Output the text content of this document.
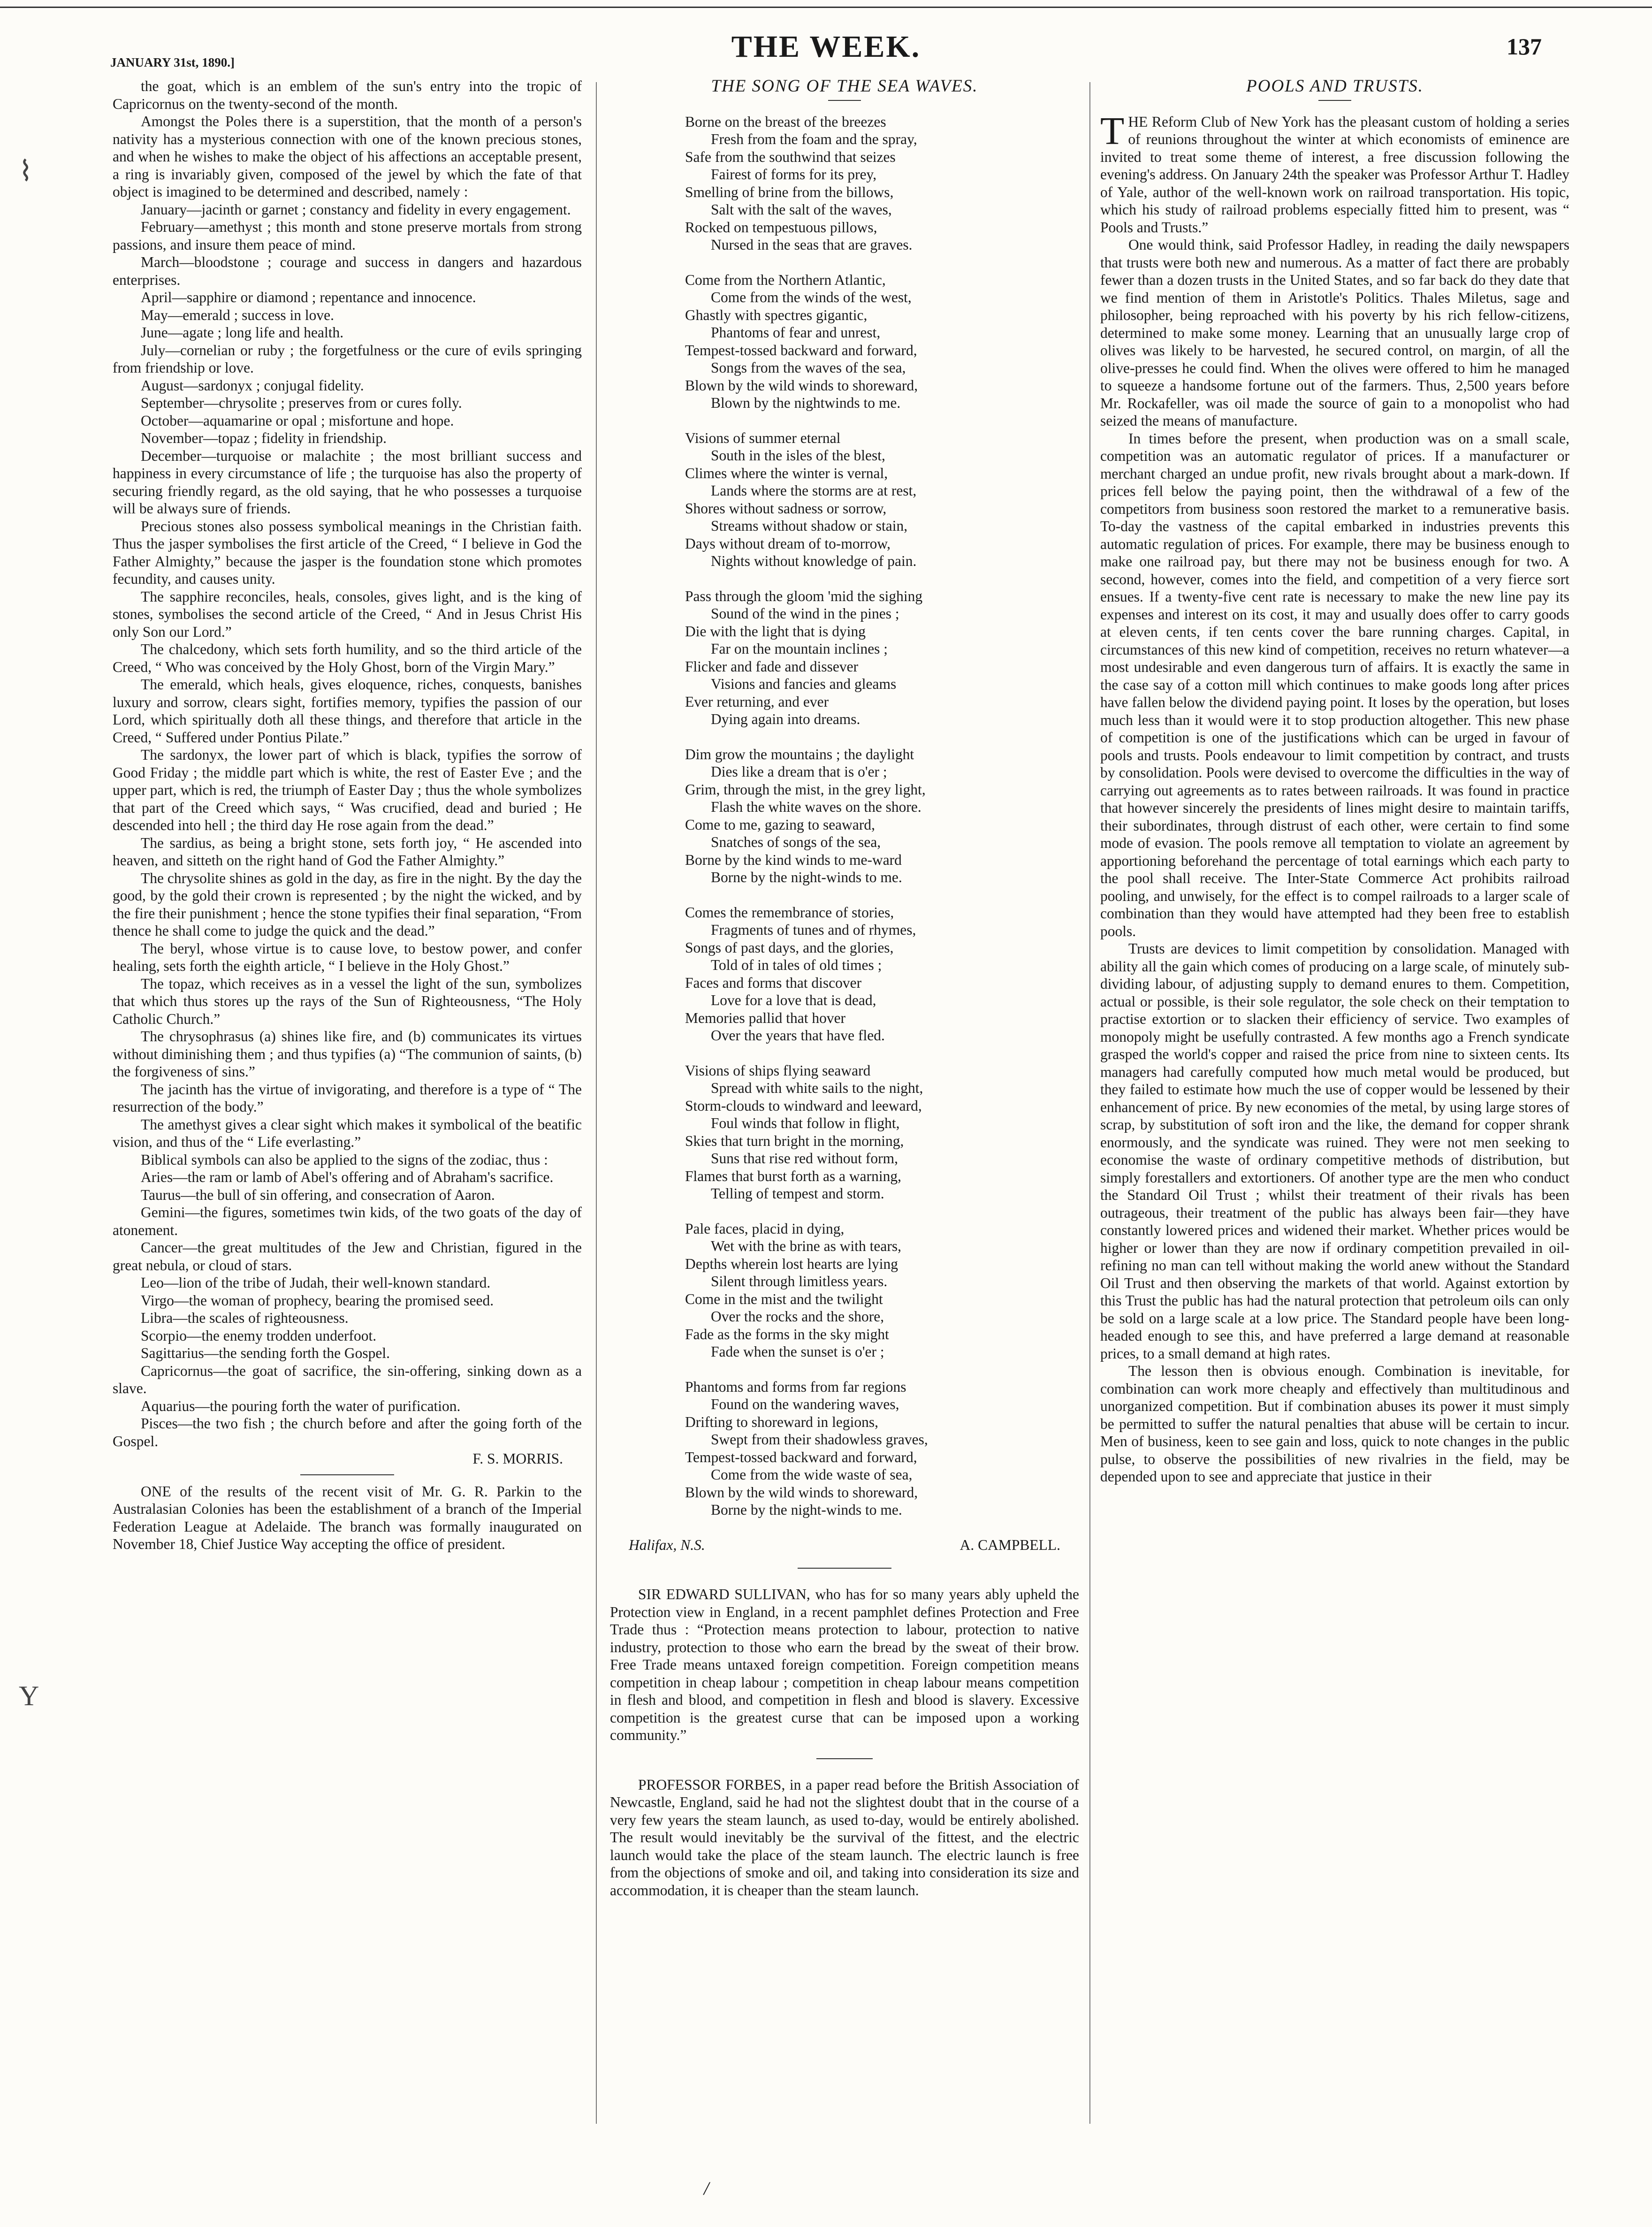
JANUARY 31st, 1890.]	THE WEEK.	137
⌇
Y

the goat, which is an emblem of the sun's entry into the tropic of Capricornus on the twenty-second of the month.

Amongst the Poles there is a superstition, that the month of a person's nativity has a mysterious connection with one of the known precious stones, and when he wishes to make the object of his affections an acceptable present, a ring is invariably given, composed of the jewel by which the fate of that object is imagined to be determined and described, namely :

January—jacinth or garnet ; constancy and fidelity in every engagement.

February—amethyst ; this month and stone preserve mortals from strong passions, and insure them peace of mind.

March—bloodstone ; courage and success in dangers and hazardous enterprises.

April—sapphire or diamond ; repentance and innocence.

May—emerald ; success in love.

June—agate ; long life and health.

July—cornelian or ruby ; the forgetfulness or the cure of evils springing from friendship or love.

August—sardonyx ; conjugal fidelity.

September—chrysolite ; preserves from or cures folly.

October—aquamarine or opal ; misfortune and hope.

November—topaz ; fidelity in friendship.

December—turquoise or malachite ; the most brilliant success and happiness in every circumstance of life ; the turquoise has also the property of securing friendly regard, as the old saying, that he who possesses a turquoise will be always sure of friends.

Precious stones also possess symbolical meanings in the Christian faith. Thus the jasper symbolises the first article of the Creed, “ I believe in God the Father Almighty,” because the jasper is the foundation stone which promotes fecundity, and causes unity.

The sapphire reconciles, heals, consoles, gives light, and is the king of stones, symbolises the second article of the Creed, “ And in Jesus Christ His only Son our Lord.”

The chalcedony, which sets forth humility, and so the third article of the Creed, “ Who was conceived by the Holy Ghost, born of the Virgin Mary.”

The emerald, which heals, gives eloquence, riches, conquests, banishes luxury and sorrow, clears sight, fortifies memory, typifies the passion of our Lord, which spiritually doth all these things, and therefore that article in the Creed, “ Suffered under Pontius Pilate.”

The sardonyx, the lower part of which is black, typifies the sorrow of Good Friday ; the middle part which is white, the rest of Easter Eve ; and the upper part, which is red, the triumph of Easter Day ; thus the whole symbolizes that part of the Creed which says, “ Was crucified, dead and buried ; He descended into hell ; the third day He rose again from the dead.”

The sardius, as being a bright stone, sets forth joy, “ He ascended into heaven, and sitteth on the right hand of God the Father Almighty.”

The chrysolite shines as gold in the day, as fire in the night. By the day the good, by the gold their crown is represented ; by the night the wicked, and by the fire their punishment ; hence the stone typifies their final separation, “From thence he shall come to judge the quick and the dead.”

The beryl, whose virtue is to cause love, to bestow power, and confer healing, sets forth the eighth article, “ I believe in the Holy Ghost.”

The topaz, which receives as in a vessel the light of the sun, symbolizes that which thus stores up the rays of the Sun of Righteousness, “The Holy Catholic Church.”

The chrysophrasus (a) shines like fire, and (b) communicates its virtues without diminishing them ; and thus typifies (a) “The communion of saints, (b) the forgiveness of sins.”

The jacinth has the virtue of invigorating, and therefore is a type of “ The resurrection of the body.”

The amethyst gives a clear sight which makes it symbolical of the beatific vision, and thus of the “ Life everlasting.”

Biblical symbols can also be applied to the signs of the zodiac, thus :

Aries—the ram or lamb of Abel's offering and of Abraham's sacrifice.

Taurus—the bull of sin offering, and consecration of Aaron.

Gemini—the figures, sometimes twin kids, of the two goats of the day of atonement.

Cancer—the great multitudes of the Jew and Christian, figured in the great nebula, or cloud of stars.

Leo—lion of the tribe of Judah, their well-known standard.

Virgo—the woman of prophecy, bearing the promised seed.

Libra—the scales of righteousness.

Scorpio—the enemy trodden underfoot.

Sagittarius—the sending forth the Gospel.

Capricornus—the goat of sacrifice, the sin-offering, sinking down as a slave.

Aquarius—the pouring forth the water of purification.

Pisces—the two fish ; the church before and after the going forth of the Gospel.

F. S. MORRIS.

ONE of the results of the recent visit of Mr. G. R. Parkin to the Australasian Colonies has been the establishment of a branch of the Imperial Federation League at Adelaide. The branch was formally inaugurated on November 18, Chief Justice Way accepting the office of president.

THE SONG OF THE SEA WAVES.
Borne on the breast of the breezes
Fresh from the foam and the spray,
Safe from the southwind that seizes
Fairest of forms for its prey,
Smelling of brine from the billows,
Salt with the salt of the waves,
Rocked on tempestuous pillows,
Nursed in the seas that are graves.
Come from the Northern Atlantic,
Come from the winds of the west,
Ghastly with spectres gigantic,
Phantoms of fear and unrest,
Tempest-tossed backward and forward,
Songs from the waves of the sea,
Blown by the wild winds to shoreward,
Blown by the nightwinds to me.
Visions of summer eternal
South in the isles of the blest,
Climes where the winter is vernal,
Lands where the storms are at rest,
Shores without sadness or sorrow,
Streams without shadow or stain,
Days without dream of to-morrow,
Nights without knowledge of pain.
Pass through the gloom 'mid the sighing
Sound of the wind in the pines ;
Die with the light that is dying
Far on the mountain inclines ;
Flicker and fade and dissever
Visions and fancies and gleams
Ever returning, and ever
Dying again into dreams.
Dim grow the mountains ; the daylight
Dies like a dream that is o'er ;
Grim, through the mist, in the grey light,
Flash the white waves on the shore.
Come to me, gazing to seaward,
Snatches of songs of the sea,
Borne by the kind winds to me-ward
Borne by the night-winds to me.
Comes the remembrance of stories,
Fragments of tunes and of rhymes,
Songs of past days, and the glories,
Told of in tales of old times ;
Faces and forms that discover
Love for a love that is dead,
Memories pallid that hover
Over the years that have fled.
Visions of ships flying seaward
Spread with white sails to the night,
Storm-clouds to windward and leeward,
Foul winds that follow in flight,
Skies that turn bright in the morning,
Suns that rise red without form,
Flames that burst forth as a warning,
Telling of tempest and storm.
Pale faces, placid in dying,
Wet with the brine as with tears,
Depths wherein lost hearts are lying
Silent through limitless years.
Come in the mist and the twilight
Over the rocks and the shore,
Fade as the forms in the sky might
Fade when the sunset is o'er ;
Phantoms and forms from far regions
Found on the wandering waves,
Drifting to shoreward in legions,
Swept from their shadowless graves,
Tempest-tossed backward and forward,
Come from the wide waste of sea,
Blown by the wild winds to shoreward,
Borne by the night-winds to me.
Halifax, N.S.	A. CAMPBELL.

SIR EDWARD SULLIVAN, who has for so many years ably upheld the Protection view in England, in a recent pamphlet defines Protection and Free Trade thus : “Protection means protection to labour, protection to native industry, protection to those who earn the bread by the sweat of their brow. Free Trade means untaxed foreign competition. Foreign competition means competition in cheap labour ; competition in cheap labour means competition in flesh and blood, and competition in flesh and blood is slavery. Excessive competition is the greatest curse that can be imposed upon a working community.”

PROFESSOR FORBES, in a paper read before the British Association of Newcastle, England, said he had not the slightest doubt that in the course of a very few years the steam launch, as used to-day, would be entirely abolished. The result would inevitably be the survival of the fittest, and the electric launch would take the place of the steam launch. The electric launch is free from the objections of smoke and oil, and taking into consideration its size and accommodation, it is cheaper than the steam launch.

POOLS AND TRUSTS.

THE Reform Club of New York has the pleasant custom of holding a series of reunions throughout the winter at which economists of eminence are invited to treat some theme of interest, a free discussion following the evening's address. On January 24th the speaker was Professor Arthur T. Hadley of Yale, author of the well-known work on railroad transportation. His topic, which his study of railroad problems especially fitted him to present, was “ Pools and Trusts.”

One would think, said Professor Hadley, in reading the daily newspapers that trusts were both new and numerous. As a matter of fact there are probably fewer than a dozen trusts in the United States, and so far back do they date that we find mention of them in Aristotle's Politics. Thales Miletus, sage and philosopher, being reproached with his poverty by his rich fellow-citizens, determined to make some money. Learning that an unusually large crop of olives was likely to be harvested, he secured control, on margin, of all the olive-presses he could find. When the olives were offered to him he managed to squeeze a handsome fortune out of the farmers. Thus, 2,500 years before Mr. Rockafeller, was oil made the source of gain to a monopolist who had seized the means of manufacture.

In times before the present, when production was on a small scale, competition was an automatic regulator of prices. If a manufacturer or merchant charged an undue profit, new rivals brought about a mark-down. If prices fell below the paying point, then the withdrawal of a few of the competitors from business soon restored the market to a remunerative basis. To-day the vastness of the capital embarked in industries prevents this automatic regulation of prices. For example, there may be business enough to make one railroad pay, but there may not be business enough for two. A second, however, comes into the field, and competition of a very fierce sort ensues. If a twenty-five cent rate is necessary to make the new line pay its expenses and interest on its cost, it may and usually does offer to carry goods at eleven cents, if ten cents cover the bare running charges. Capital, in circumstances of this new kind of competition, receives no return whatever—a most undesirable and even dangerous turn of affairs. It is exactly the same in the case say of a cotton mill which continues to make goods long after prices have fallen below the dividend paying point. It loses by the operation, but loses much less than it would were it to stop production altogether. This new phase of competition is one of the justifications which can be urged in favour of pools and trusts. Pools endeavour to limit competition by contract, and trusts by consolidation. Pools were devised to overcome the difficulties in the way of carrying out agreements as to rates between railroads. It was found in practice that however sincerely the presidents of lines might desire to maintain tariffs, their subordinates, through distrust of each other, were certain to find some mode of evasion. The pools remove all temptation to violate an agreement by apportioning beforehand the percentage of total earnings which each party to the pool shall receive. The Inter-State Commerce Act prohibits railroad pooling, and unwisely, for the effect is to compel railroads to a larger scale of combination than they would have attempted had they been free to establish pools.

Trusts are devices to limit competition by consolidation. Managed with ability all the gain which comes of producing on a large scale, of minutely sub-dividing labour, of adjusting supply to demand enures to them. Competition, actual or possible, is their sole regulator, the sole check on their temptation to practise extortion or to slacken their efficiency of service. Two examples of monopoly might be usefully contrasted. A few months ago a French syndicate grasped the world's copper and raised the price from nine to sixteen cents. Its managers had carefully computed how much metal would be produced, but they failed to estimate how much the use of copper would be lessened by their enhancement of price. By new economies of the metal, by using large stores of scrap, by substitution of soft iron and the like, the demand for copper shrank enormously, and the syndicate was ruined. They were not men seeking to economise the waste of ordinary competitive methods of distribution, but simply forestallers and extortioners. Of another type are the men who conduct the Standard Oil Trust ; whilst their treatment of their rivals has been outrageous, their treatment of the public has always been fair—they have constantly lowered prices and widened their market. Whether prices would be higher or lower than they are now if ordinary competition prevailed in oil-refining no man can tell without making the world anew without the Standard Oil Trust and then observing the markets of that world. Against extortion by this Trust the public has had the natural protection that petroleum oils can only be sold on a large scale at a low price. The Standard people have been long-headed enough to see this, and have preferred a large demand at reasonable prices, to a small demand at high rates.

The lesson then is obvious enough. Combination is inevitable, for combination can work more cheaply and effectively than multitudinous and unorganized competition. But if combination abuses its power it must simply be permitted to suffer the natural penalties that abuse will be certain to incur. Men of business, keen to see gain and loss, quick to note changes in the public pulse, to observe the possibilities of new rivalries in the field, may be depended upon to see and appreciate that justice in their

/
